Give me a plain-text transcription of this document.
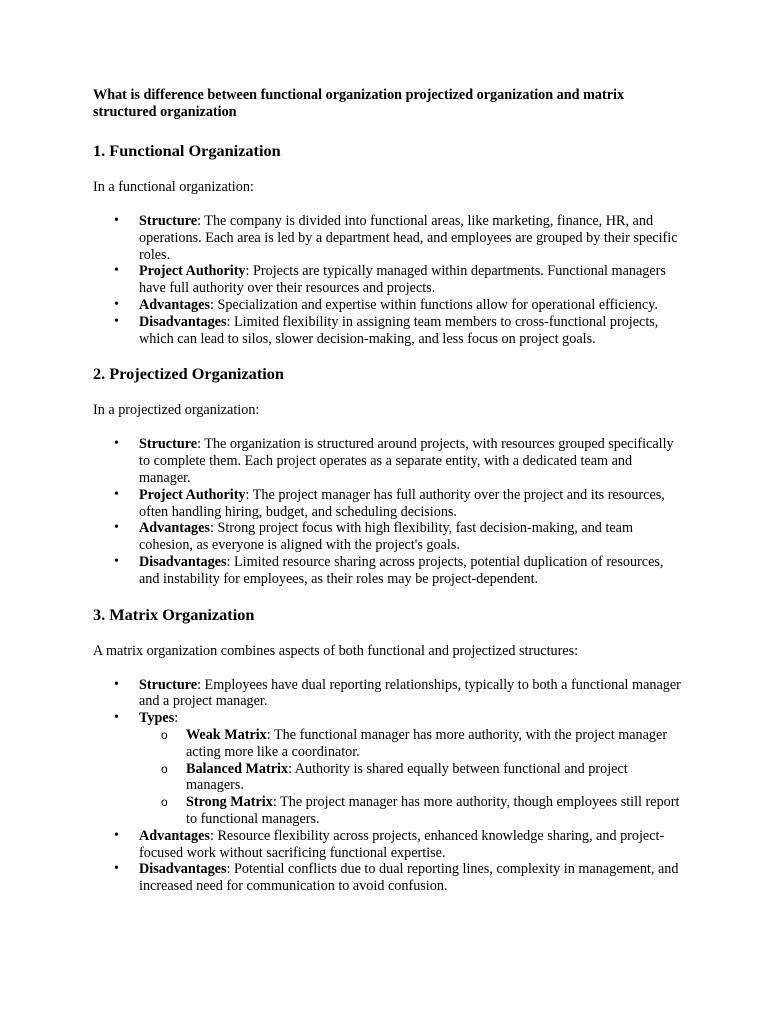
What is difference between functional organization projectized organization and matrix structured organization

1. Functional Organization

In a functional organization:

• Structure: The company is divided into functional areas, like marketing, finance, HR, and operations. Each area is led by a department head, and employees are grouped by their specific roles.
• Project Authority: Projects are typically managed within departments. Functional managers have full authority over their resources and projects.
• Advantages: Specialization and expertise within functions allow for operational efficiency.
• Disadvantages: Limited flexibility in assigning team members to cross-functional projects, which can lead to silos, slower decision-making, and less focus on project goals.
2. Projectized Organization

In a projectized organization:

• Structure: The organization is structured around projects, with resources grouped specifically to complete them. Each project operates as a separate entity, with a dedicated team and manager.
• Project Authority: The project manager has full authority over the project and its resources, often handling hiring, budget, and scheduling decisions.
• Advantages: Strong project focus with high flexibility, fast decision-making, and team cohesion, as everyone is aligned with the project's goals.
• Disadvantages: Limited resource sharing across projects, potential duplication of resources, and instability for employees, as their roles may be project-dependent.
3. Matrix Organization

A matrix organization combines aspects of both functional and projectized structures:

• Structure: Employees have dual reporting relationships, typically to both a functional manager and a project manager.
• Types:
o Weak Matrix: The functional manager has more authority, with the project manager acting more like a coordinator.
o Balanced Matrix: Authority is shared equally between functional and project managers.
o Strong Matrix: The project manager has more authority, though employees still report to functional managers.
• Advantages: Resource flexibility across projects, enhanced knowledge sharing, and project-focused work without sacrificing functional expertise.
• Disadvantages: Potential conflicts due to dual reporting lines, complexity in management, and increased need for communication to avoid confusion.
